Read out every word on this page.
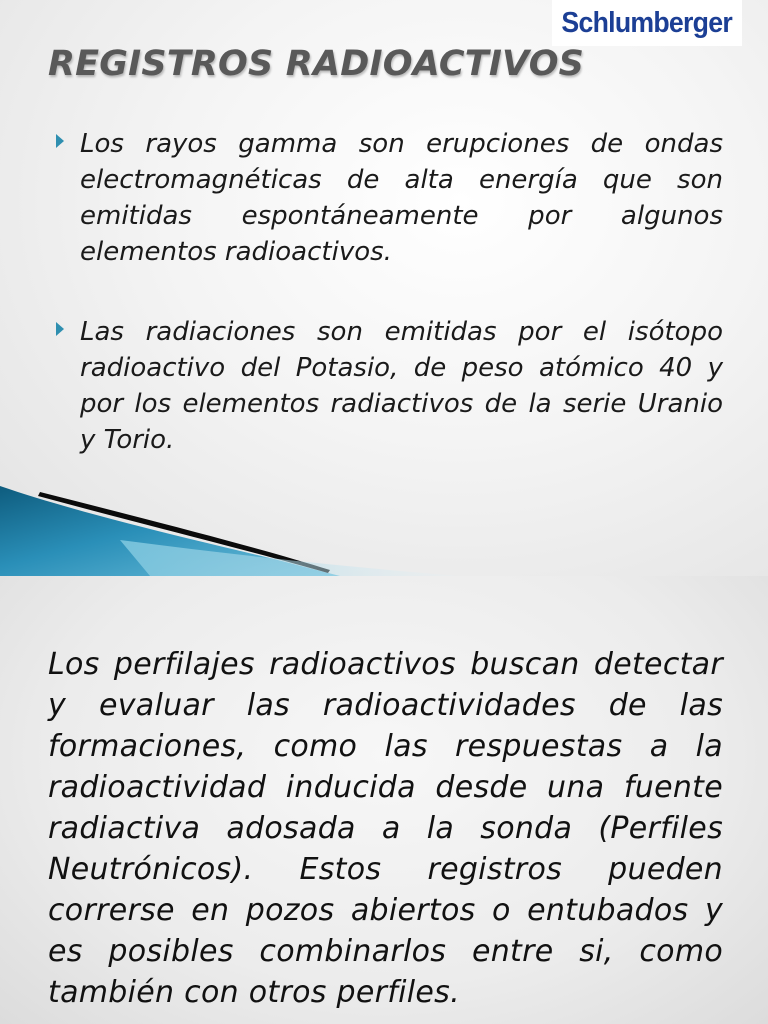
Schlumberger
REGISTROS RADIOACTIVOS

Los rayos gamma son erupciones de ondas electromagnéticas de alta energía que son emitidas espontáneamente por algunos elementos radioactivos.

Las radiaciones son emitidas por el isótopo radioactivo del Potasio, de peso atómico 40 y por los elementos radiactivos de la serie Uranio y Torio.

Los perfilajes radioactivos buscan detectar y evaluar las radioactividades de las formaciones, como las respuestas a la radioactividad inducida desde una fuente radiactiva adosada a la sonda (Perfiles Neutrónicos). Estos registros pueden correrse en pozos abiertos o entubados y es posibles combinarlos entre si, como también con otros perfiles.
